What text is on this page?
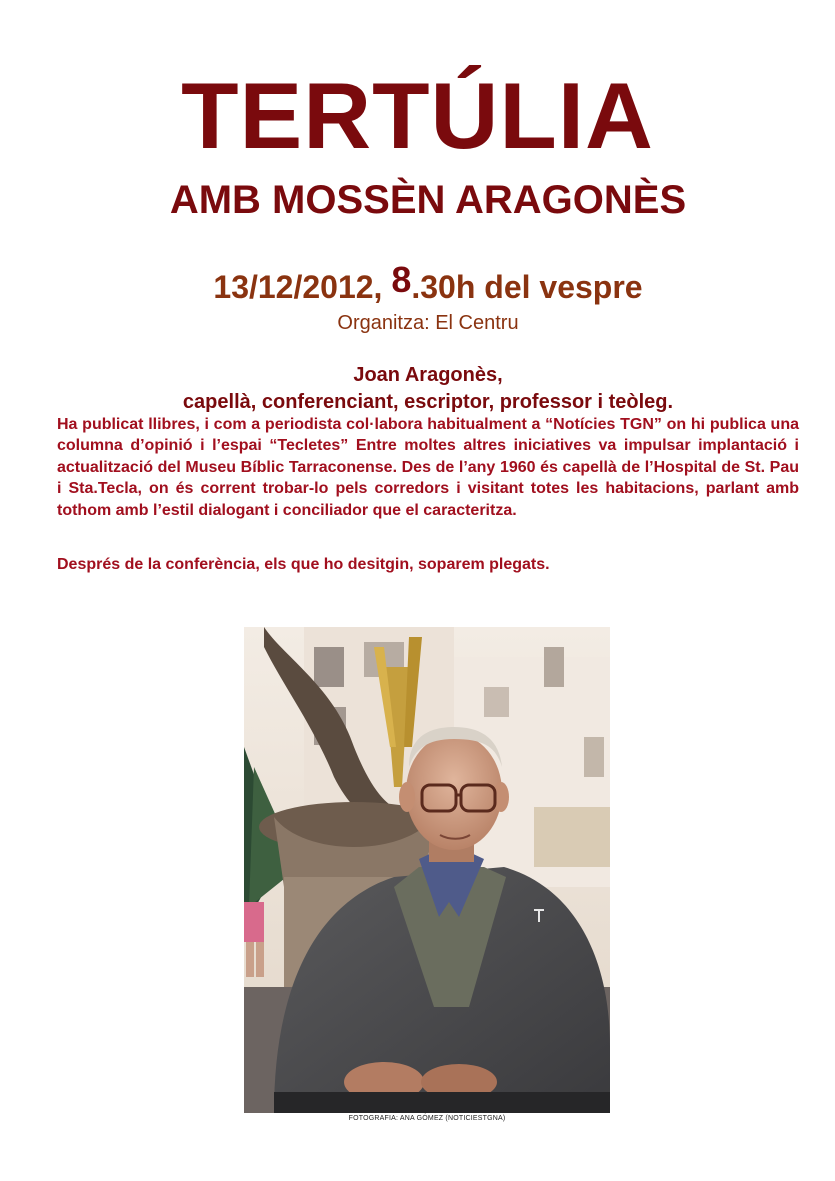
TERTÚLIA
AMB MOSSÈN ARAGONÈS
13/12/2012, 8.30h del vespre
Organitza: El Centru
Joan Aragonès,
capellà, conferenciant, escriptor, professor i teòleg.

Ha publicat llibres, i com a periodista col·labora habitualment a “Notícies TGN” on hi publica una columna d’opinió i l’espai “Tecletes” Entre moltes altres iniciatives va impulsar implantació i actualització del Museu Bíblic Tarraconense. Des de l’any 1960 és capellà de l’Hospital de St. Pau i Sta.Tecla, on és corrent trobar-lo pels corredors i visitant totes les habitacions, parlant amb tothom amb l’estil dialogant i conciliador que el caracteritza.

Després de la conferència, els que ho desitgin, soparem plegats.

FOTOGRAFIA: ANA GÓMEZ (NOTICIESTGNA)
